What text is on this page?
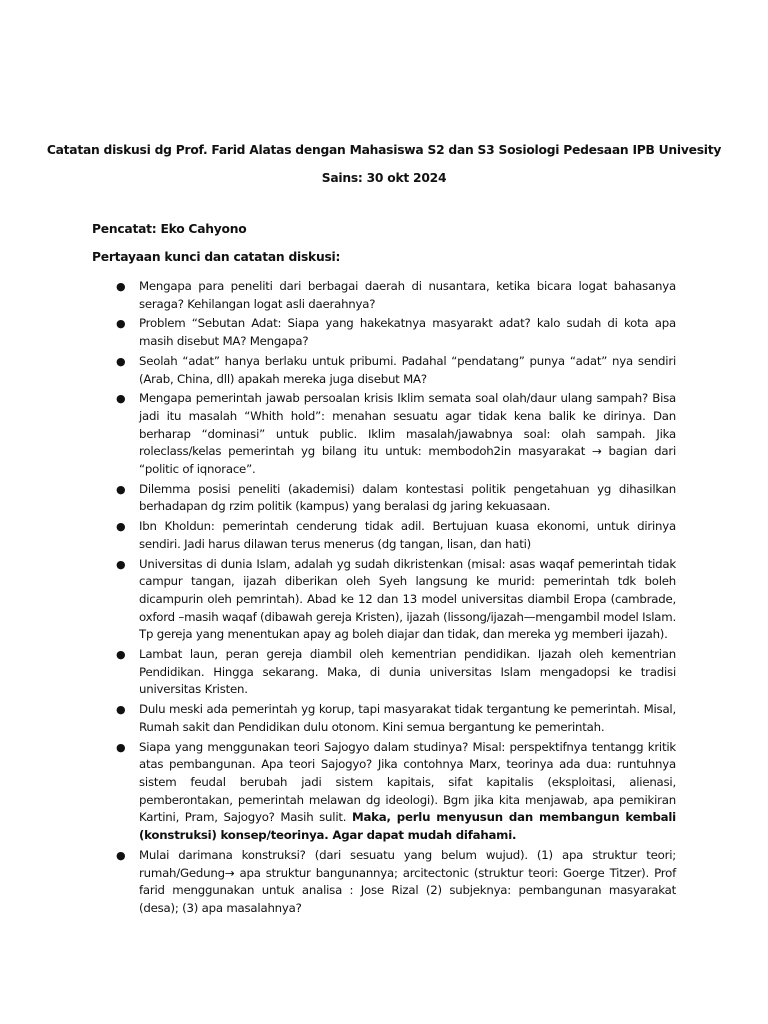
Catatan diskusi dg Prof. Farid Alatas dengan Mahasiswa S2 dan S3 Sosiologi Pedesaan IPB Univesity
Sains: 30 okt 2024
Pencatat: Eko Cahyono
Pertayaan kunci dan catatan diskusi:
● Mengapa para peneliti dari berbagai daerah di nusantara, ketika bicara logat bahasanya seraga? Kehilangan logat asli daerahnya?
● Problem “Sebutan Adat: Siapa yang hakekatnya masyarakt adat? kalo sudah di kota apa masih disebut MA? Mengapa?
● Seolah “adat” hanya berlaku untuk pribumi. Padahal “pendatang” punya “adat” nya sendiri (Arab, China, dll) apakah mereka juga disebut MA?
● Mengapa pemerintah jawab persoalan krisis Iklim semata soal olah/daur ulang sampah? Bisa jadi itu masalah “Whith hold”: menahan sesuatu agar tidak kena balik ke dirinya. Dan berharap “dominasi” untuk public. Iklim masalah/jawabnya soal: olah sampah. Jika roleclass/kelas pemerintah yg bilang itu untuk: membodoh2in masyarakat → bagian dari “politic of iqnorace”.
● Dilemma posisi peneliti (akademisi) dalam kontestasi politik pengetahuan yg dihasilkan berhadapan dg rzim politik (kampus) yang beralasi dg jaring kekuasaan.
● Ibn Kholdun: pemerintah cenderung tidak adil. Bertujuan kuasa ekonomi, untuk dirinya sendiri. Jadi harus dilawan terus menerus (dg tangan, lisan, dan hati)
● Universitas di dunia Islam, adalah yg sudah dikristenkan (misal: asas waqaf pemerintah tidak campur tangan, ijazah diberikan oleh Syeh langsung ke murid: pemerintah tdk boleh dicampurin oleh pemrintah). Abad ke 12 dan 13 model universitas diambil Eropa (cambrade, oxford –masih waqaf (dibawah gereja Kristen), ijazah (lissong/ijazah—mengambil model Islam. Tp gereja yang menentukan apay ag boleh diajar dan tidak, dan mereka yg memberi ijazah).
● Lambat laun, peran gereja diambil oleh kementrian pendidikan. Ijazah oleh kementrian Pendidikan. Hingga sekarang. Maka, di dunia universitas Islam mengadopsi ke tradisi universitas Kristen.
● Dulu meski ada pemerintah yg korup, tapi masyarakat tidak tergantung ke pemerintah. Misal, Rumah sakit dan Pendidikan dulu otonom. Kini semua bergantung ke pemerintah.
● Siapa yang menggunakan teori Sajogyo dalam studinya? Misal: perspektifnya tentangg kritik atas pembangunan. Apa teori Sajogyo? Jika contohnya Marx, teorinya ada dua: runtuhnya sistem feudal berubah jadi sistem kapitais, sifat kapitalis (eksploitasi, alienasi, pemberontakan, pemerintah melawan dg ideologi). Bgm jika kita menjawab, apa pemikiran Kartini, Pram, Sajogyo? Masih sulit. Maka, perlu menyusun dan membangun kembali (konstruksi) konsep/teorinya. Agar dapat mudah difahami.
● Mulai darimana konstruksi? (dari sesuatu yang belum wujud). (1) apa struktur teori; rumah/Gedung→ apa struktur bangunannya; arcitectonic (struktur teori: Goerge Titzer). Prof farid menggunakan untuk analisa : Jose Rizal (2) subjeknya: pembangunan masyarakat (desa); (3) apa masalahnya?
